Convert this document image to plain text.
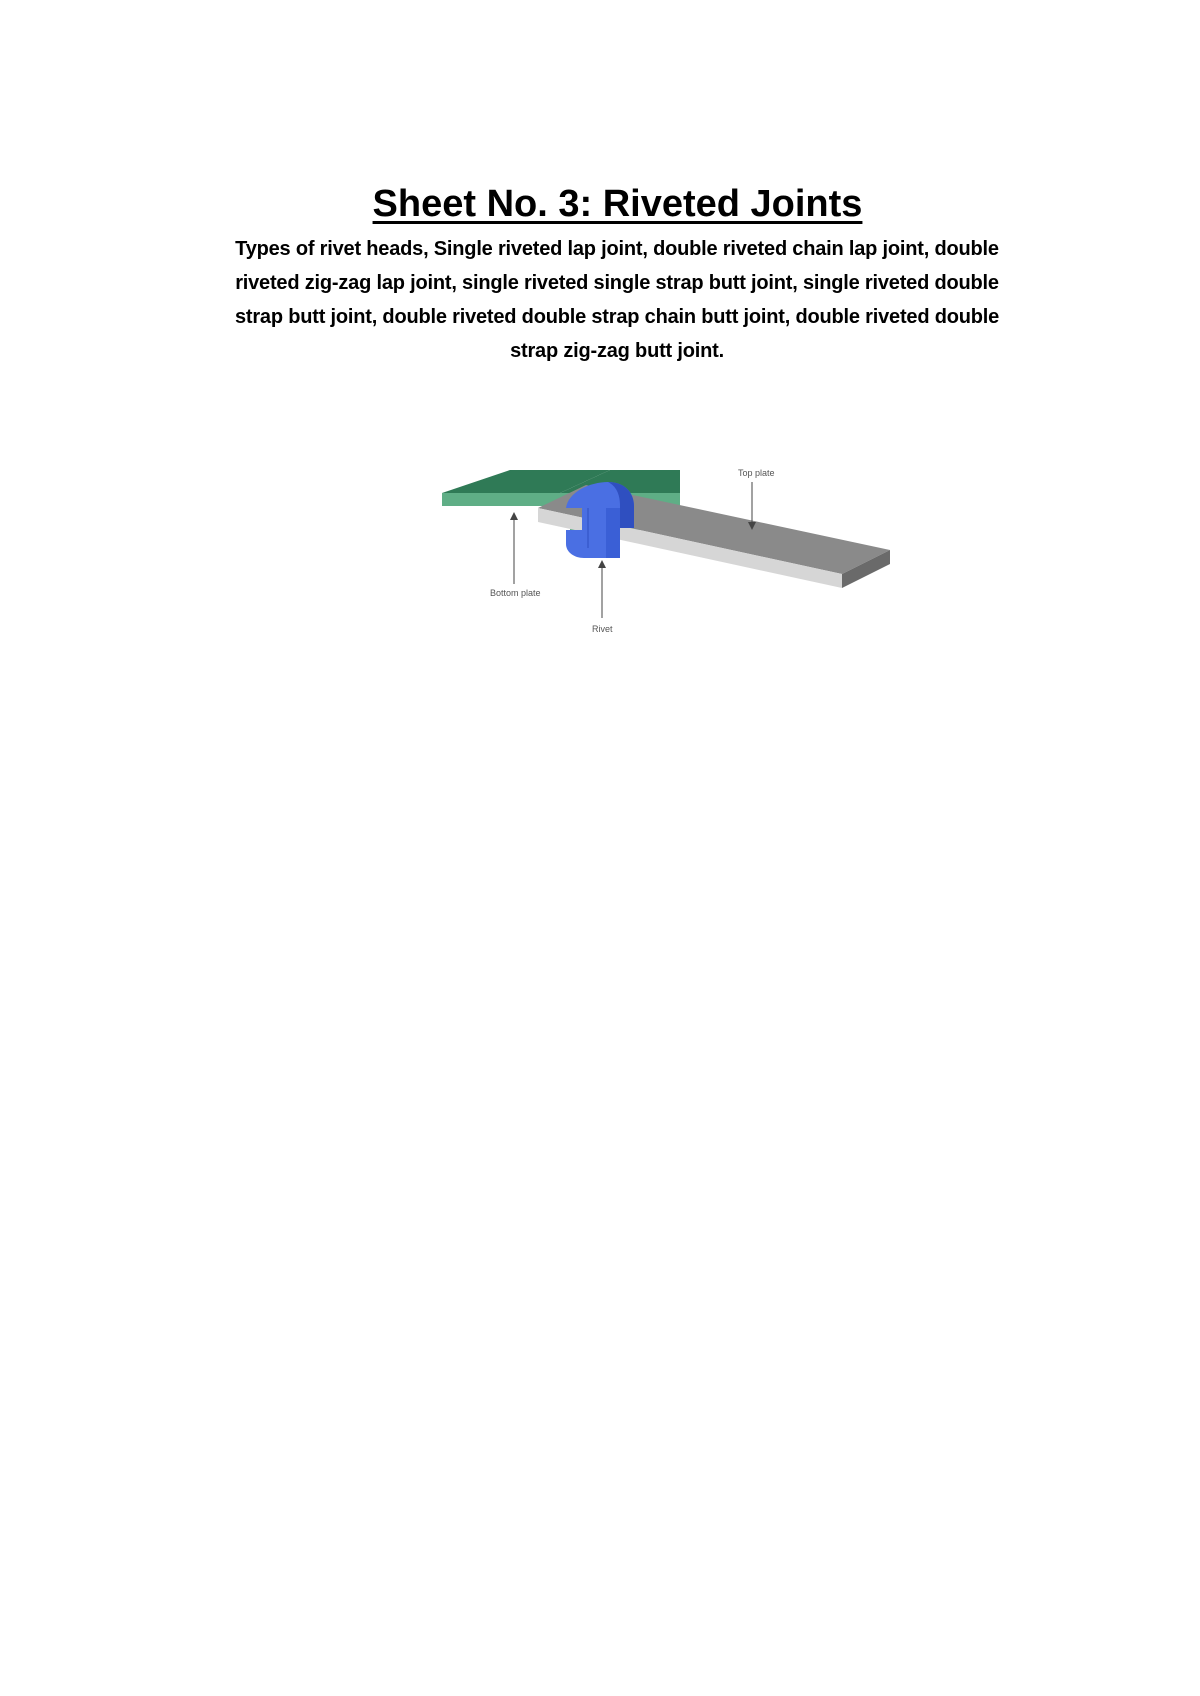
Sheet No. 3: Riveted Joints
Types of rivet heads, Single riveted lap joint, double riveted chain lap joint, double riveted zig-zag lap joint, single riveted single strap butt joint, single riveted double strap butt joint, double riveted double strap chain butt joint, double riveted double strap zig-zag butt joint.
Top plate
Bottom plate
Rivet
